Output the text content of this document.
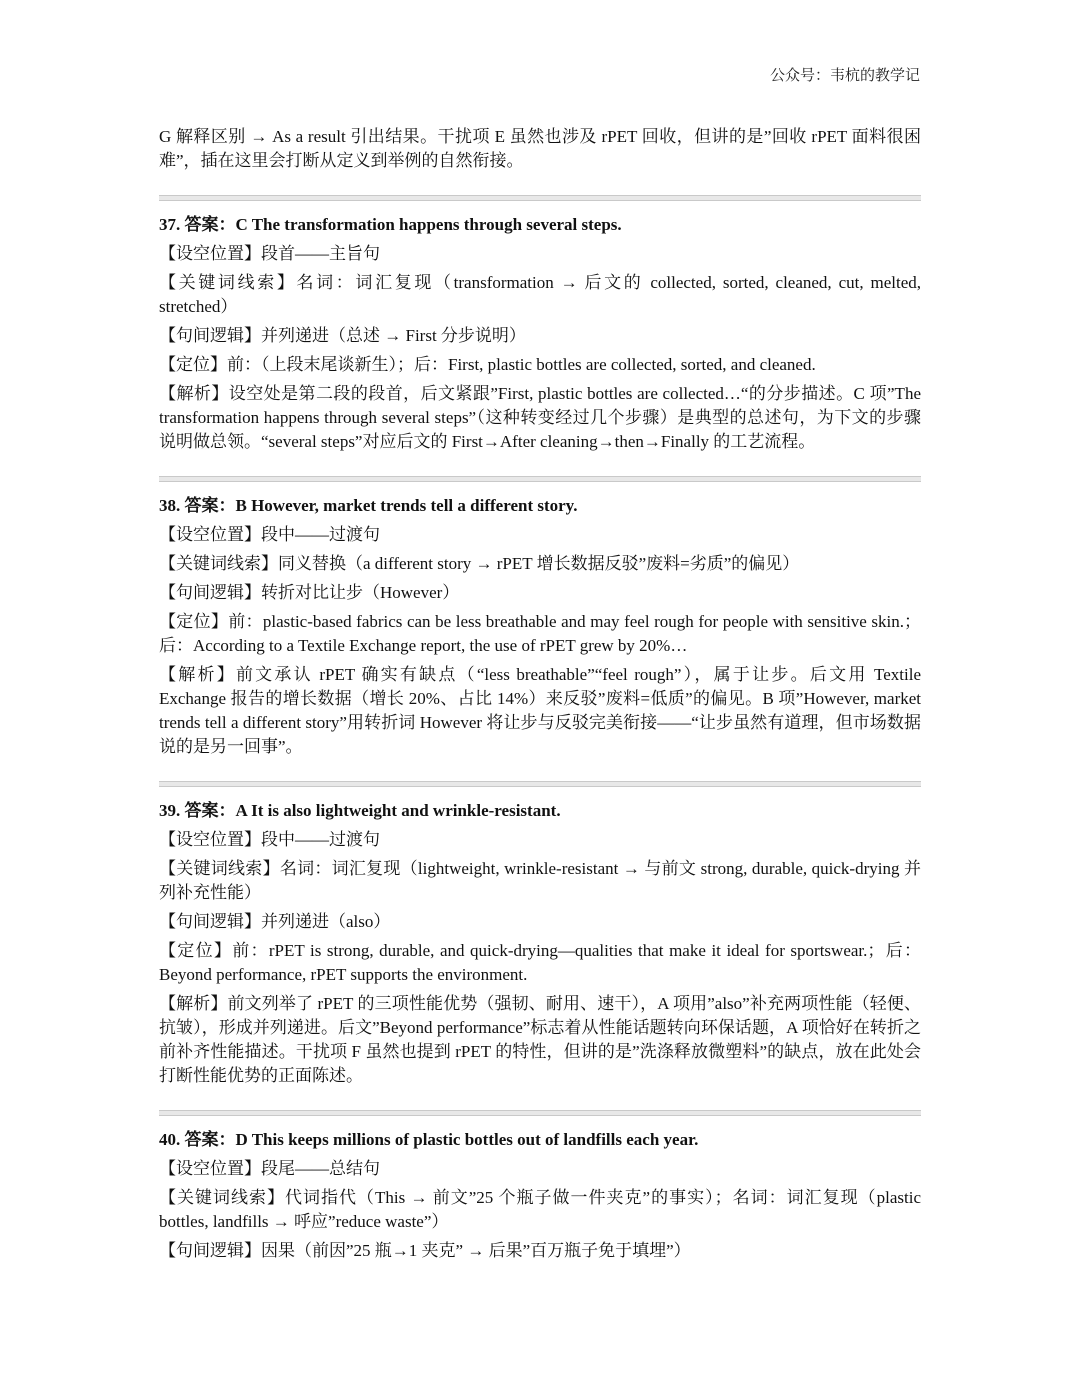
公众号：韦杭的教学记

G 解释区别 → As a result 引出结果。干扰项 E 虽然也涉及 rPET 回收，但讲的是”回收 rPET 面料很困难”，插在这里会打断从定义到举例的自然衔接。

37. 答案：C The transformation happens through several steps.

【设空位置】段首——主旨句

【关键词线索】名词：词汇复现（transformation → 后文的 collected, sorted, cleaned, cut, melted, stretched）

【句间逻辑】并列递进（总述 → First 分步说明）

【定位】前：（上段末尾谈新生）；后：First, plastic bottles are collected, sorted, and cleaned.

【解析】设空处是第二段的段首，后文紧跟”First, plastic bottles are collected…“的分步描述。C 项”The transformation happens through several steps”（这种转变经过几个步骤）是典型的总述句，为下文的步骤说明做总领。“several steps”对应后文的 First→After cleaning→then→Finally 的工艺流程。

38. 答案：B However, market trends tell a different story.

【设空位置】段中——过渡句

【关键词线索】同义替换（a different story → rPET 增长数据反驳”废料=劣质”的偏见）

【句间逻辑】转折对比让步（However）

【定位】前：plastic-based fabrics can be less breathable and may feel rough for people with sensitive skin.；后：According to a Textile Exchange report, the use of rPET grew by 20%…

【解析】前文承认 rPET 确实有缺点（“less breathable”“feel rough”），属于让步。后文用 Textile Exchange 报告的增长数据（增长 20%、占比 14%）来反驳”废料=低质”的偏见。B 项”However, market trends tell a different story”用转折词 However 将让步与反驳完美衔接——“让步虽然有道理，但市场数据说的是另一回事”。

39. 答案：A It is also lightweight and wrinkle-resistant.

【设空位置】段中——过渡句

【关键词线索】名词：词汇复现（lightweight, wrinkle-resistant → 与前文 strong, durable, quick-drying 并列补充性能）

【句间逻辑】并列递进（also）

【定位】前：rPET is strong, durable, and quick-drying—qualities that make it ideal for sportswear.；后：Beyond performance, rPET supports the environment.

【解析】前文列举了 rPET 的三项性能优势（强韧、耐用、速干），A 项用”also”补充两项性能（轻便、抗皱），形成并列递进。后文”Beyond performance”标志着从性能话题转向环保话题，A 项恰好在转折之前补齐性能描述。干扰项 F 虽然也提到 rPET 的特性，但讲的是”洗涤释放微塑料”的缺点，放在此处会打断性能优势的正面陈述。

40. 答案：D This keeps millions of plastic bottles out of landfills each year.

【设空位置】段尾——总结句

【关键词线索】代词指代（This → 前文”25 个瓶子做一件夹克”的事实）；名词：词汇复现（plastic bottles, landfills → 呼应”reduce waste”）

【句间逻辑】因果（前因”25 瓶→1 夹克” → 后果”百万瓶子免于填埋”）
